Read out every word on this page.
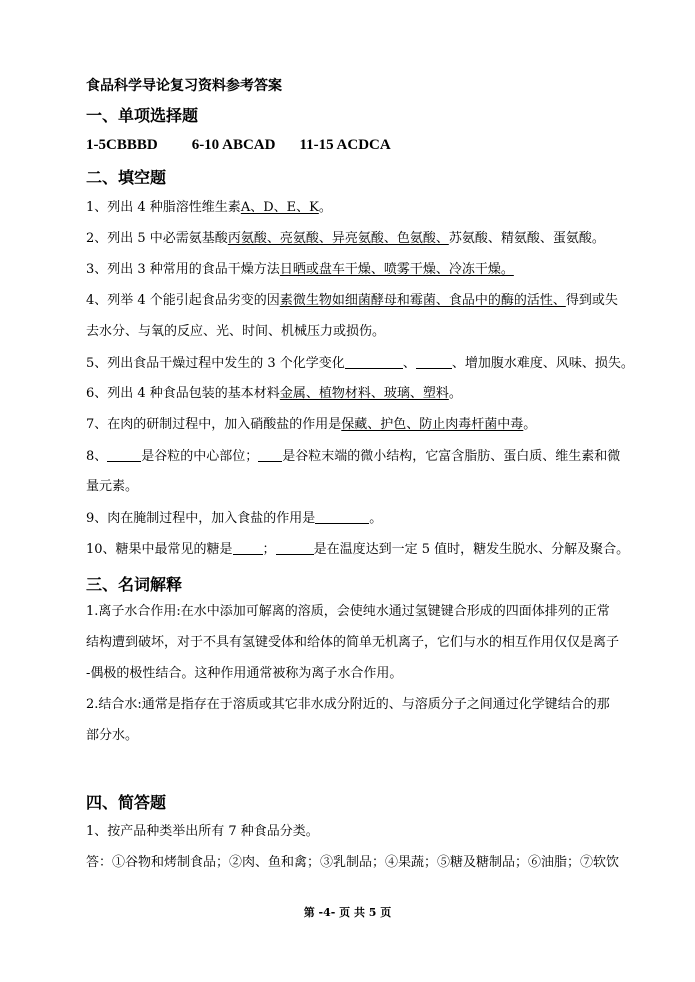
食品科学导论复习资料参考答案
一、单项选择题
1-5CBBBD 6-10 ABCAD 11-15 ACDCA
二、填空题
1、列出 4 种脂溶性维生素A、D、E、K。
2、列出 5 中必需氨基酸丙氨酸、亮氨酸、异亮氨酸、色氨酸、苏氨酸、精氨酸、蛋氨酸。
3、列出 3 种常用的食品干燥方法日晒或盘车干燥、喷雾干燥、冷冻干燥。
4、列举 4 个能引起食品劣变的因素微生物如细菌酵母和霉菌、食品中的酶的活性、得到或失
去水分、与氧的反应、光、时间、机械压力或损伤。
5、列出食品干燥过程中发生的 3 个化学变化	、	、增加腹水难度、风味、损失。
6、列出 4 种食品包装的基本材料金属、植物材料、玻璃、塑料。
7、在肉的研制过程中，加入硝酸盐的作用是保藏、护色、防止肉毒杆菌中毒。
8、	是谷粒的中心部位； 是谷粒末端的微小结构，它富含脂肪、蛋白质、维生素和微
量元素。
9、肉在腌制过程中，加入食盐的作用是	。
10、糖果中最常见的糖是 ；	是在温度达到一定 5 值时，糖发生脱水、分解及聚合。
三、名词解释
1.离子水合作用:在水中添加可解离的溶质，会使纯水通过氢键键合形成的四面体排列的正常
结构遭到破坏，对于不具有氢键受体和给体的简单无机离子，它们与水的相互作用仅仅是离子
-偶极的极性结合。这种作用通常被称为离子水合作用。
2.结合水:通常是指存在于溶质或其它非水成分附近的、与溶质分子之间通过化学键结合的那
部分水。
四、简答题
1、按产品种类举出所有 7 种食品分类。
答：①谷物和烤制食品；②肉、鱼和禽；③乳制品；④果蔬；⑤糖及糖制品；⑥油脂；⑦软饮
第 -4- 页 共 5 页
